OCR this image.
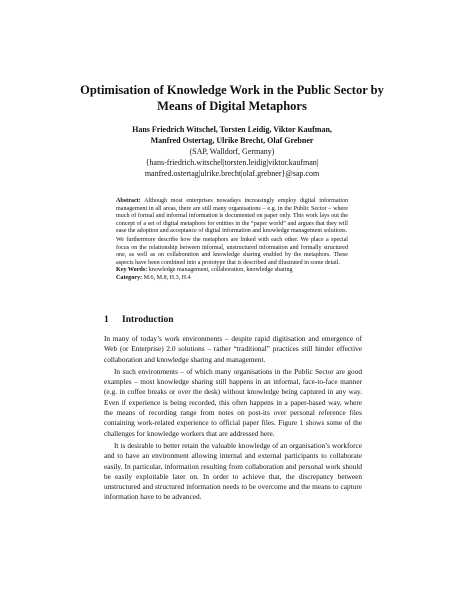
Optimisation of Knowledge Work in the Public Sector by Means of Digital Metaphors
Hans Friedrich Witschel, Torsten Leidig, Viktor Kaufman,
Manfred Ostertag, Ulrike Brecht, Olaf Grebner
(SAP, Walldorf, Germany)
{hans-friedrich.witschel|torsten.leidig|viktor.kaufman|
manfred.ostertag|ulrike.brecht|olaf.grebner}@sap.com

Abstract: Although most enterprises nowadays increasingly employ digital information management in all areas, there are still many organisations – e.g. in the Public Sector – where much of formal and informal information is documented on paper only. This work lays out the concept of a set of digital metaphors for entities in the “paper world” and argues that they will ease the adoption and acceptance of digital information and knowledge management solutions.

We furthermore describe how the metaphors are linked with each other. We place a special focus on the relationship between informal, unstructured information and formally structured one, as well as on collaboration and knowledge sharing enabled by the metaphors. These aspects have been combined into a prototype that is described and illustrated in some detail.

Key Words: knowledge management, collaboration, knowledge sharing

Category: M.6, M.8, H.3, H.4

1 Introduction

In many of today’s work environments – despite rapid digitisation and emergence of Web (or Enterprise) 2.0 solutions – rather “traditional” practices still hinder effective collaboration and knowledge sharing and management.

In such environments – of which many organisations in the Public Sector are good examples – most knowledge sharing still happens in an informal, face-to-face manner (e.g. in coffee breaks or over the desk) without knowledge being captured in any way. Even if experience is being recorded, this often happens in a paper-based way, where the means of recording range from notes on post-its over personal reference files containing work-related experience to official paper files. Figure 1 shows some of the challenges for knowledge workers that are addressed here.

It is desirable to better retain the valuable knowledge of an organisation’s workforce and to have an environment allowing internal and external participants to collaborate easily. In particular, information resulting from collaboration and personal work should be easily exploitable later on. In order to achieve that, the discrepancy between unstructured and structured information needs to be overcome and the means to capture information have to be advanced.
